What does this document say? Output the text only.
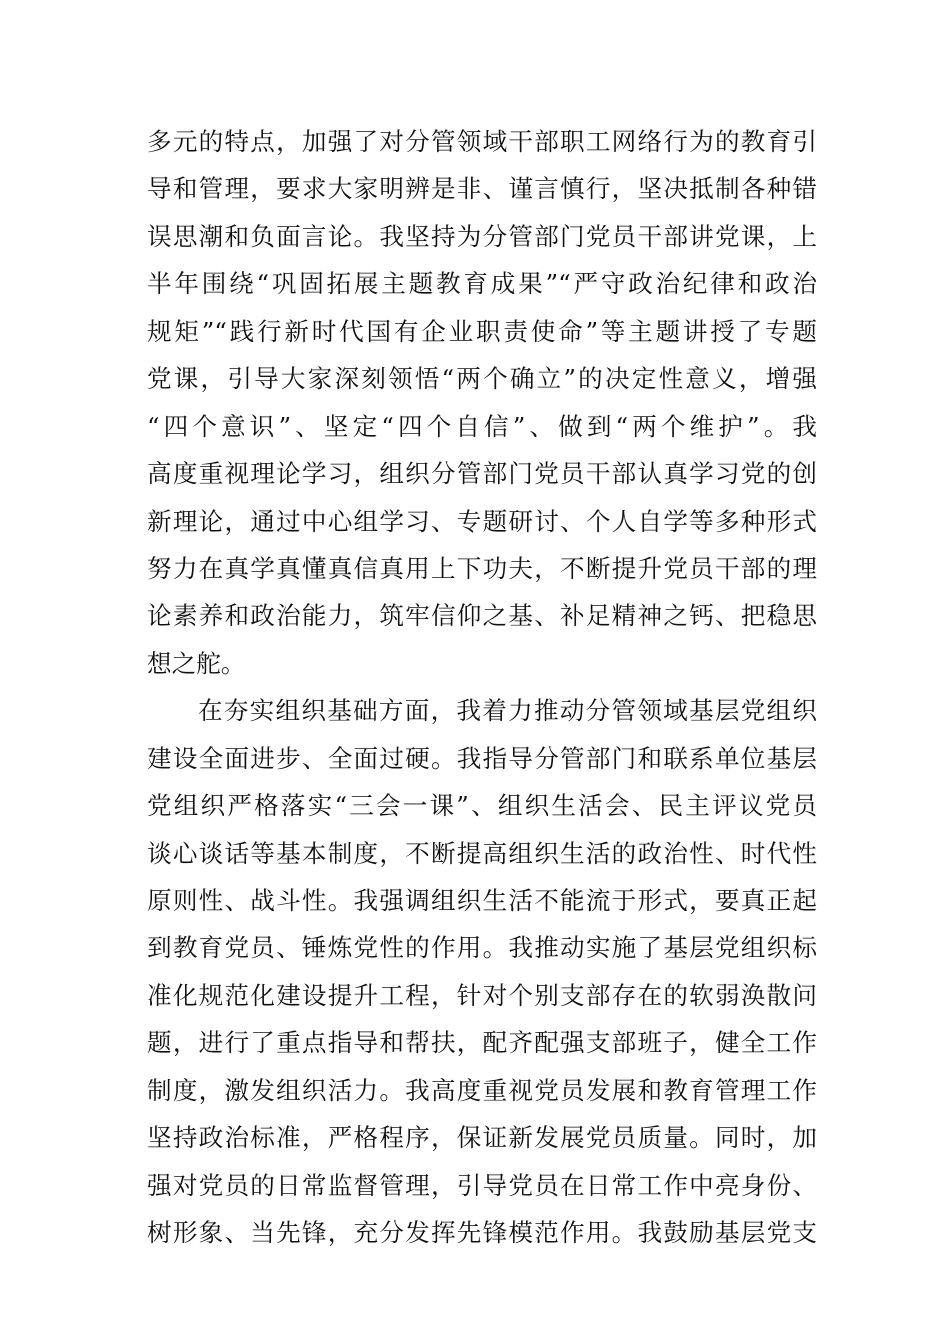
多元的特点，加强了对分管领域干部职工网络行为的教育引
导和管理，要求大家明辨是非、谨言慎行，坚决抵制各种错
误思潮和负面言论。我坚持为分管部门党员干部讲党课，上
半年围绕“巩固拓展主题教育成果”“严守政治纪律和政治
规矩”“践行新时代国有企业职责使命”等主题讲授了专题
党课，引导大家深刻领悟“两个确立”的决定性意义，增强
“四个意识”、坚定“四个自信”、做到“两个维护”。我
高度重视理论学习，组织分管部门党员干部认真学习党的创
新理论，通过中心组学习、专题研讨、个人自学等多种形式
努力在真学真懂真信真用上下功夫，不断提升党员干部的理
论素养和政治能力，筑牢信仰之基、补足精神之钙、把稳思
想之舵。
在夯实组织基础方面，我着力推动分管领域基层党组织
建设全面进步、全面过硬。我指导分管部门和联系单位基层
党组织严格落实“三会一课”、组织生活会、民主评议党员
谈心谈话等基本制度，不断提高组织生活的政治性、时代性
原则性、战斗性。我强调组织生活不能流于形式，要真正起
到教育党员、锤炼党性的作用。我推动实施了基层党组织标
准化规范化建设提升工程，针对个别支部存在的软弱涣散问
题，进行了重点指导和帮扶，配齐配强支部班子，健全工作
制度，激发组织活力。我高度重视党员发展和教育管理工作
坚持政治标准，严格程序，保证新发展党员质量。同时，加
强对党员的日常监督管理，引导党员在日常工作中亮身份、
树形象、当先锋，充分发挥先锋模范作用。我鼓励基层党支
